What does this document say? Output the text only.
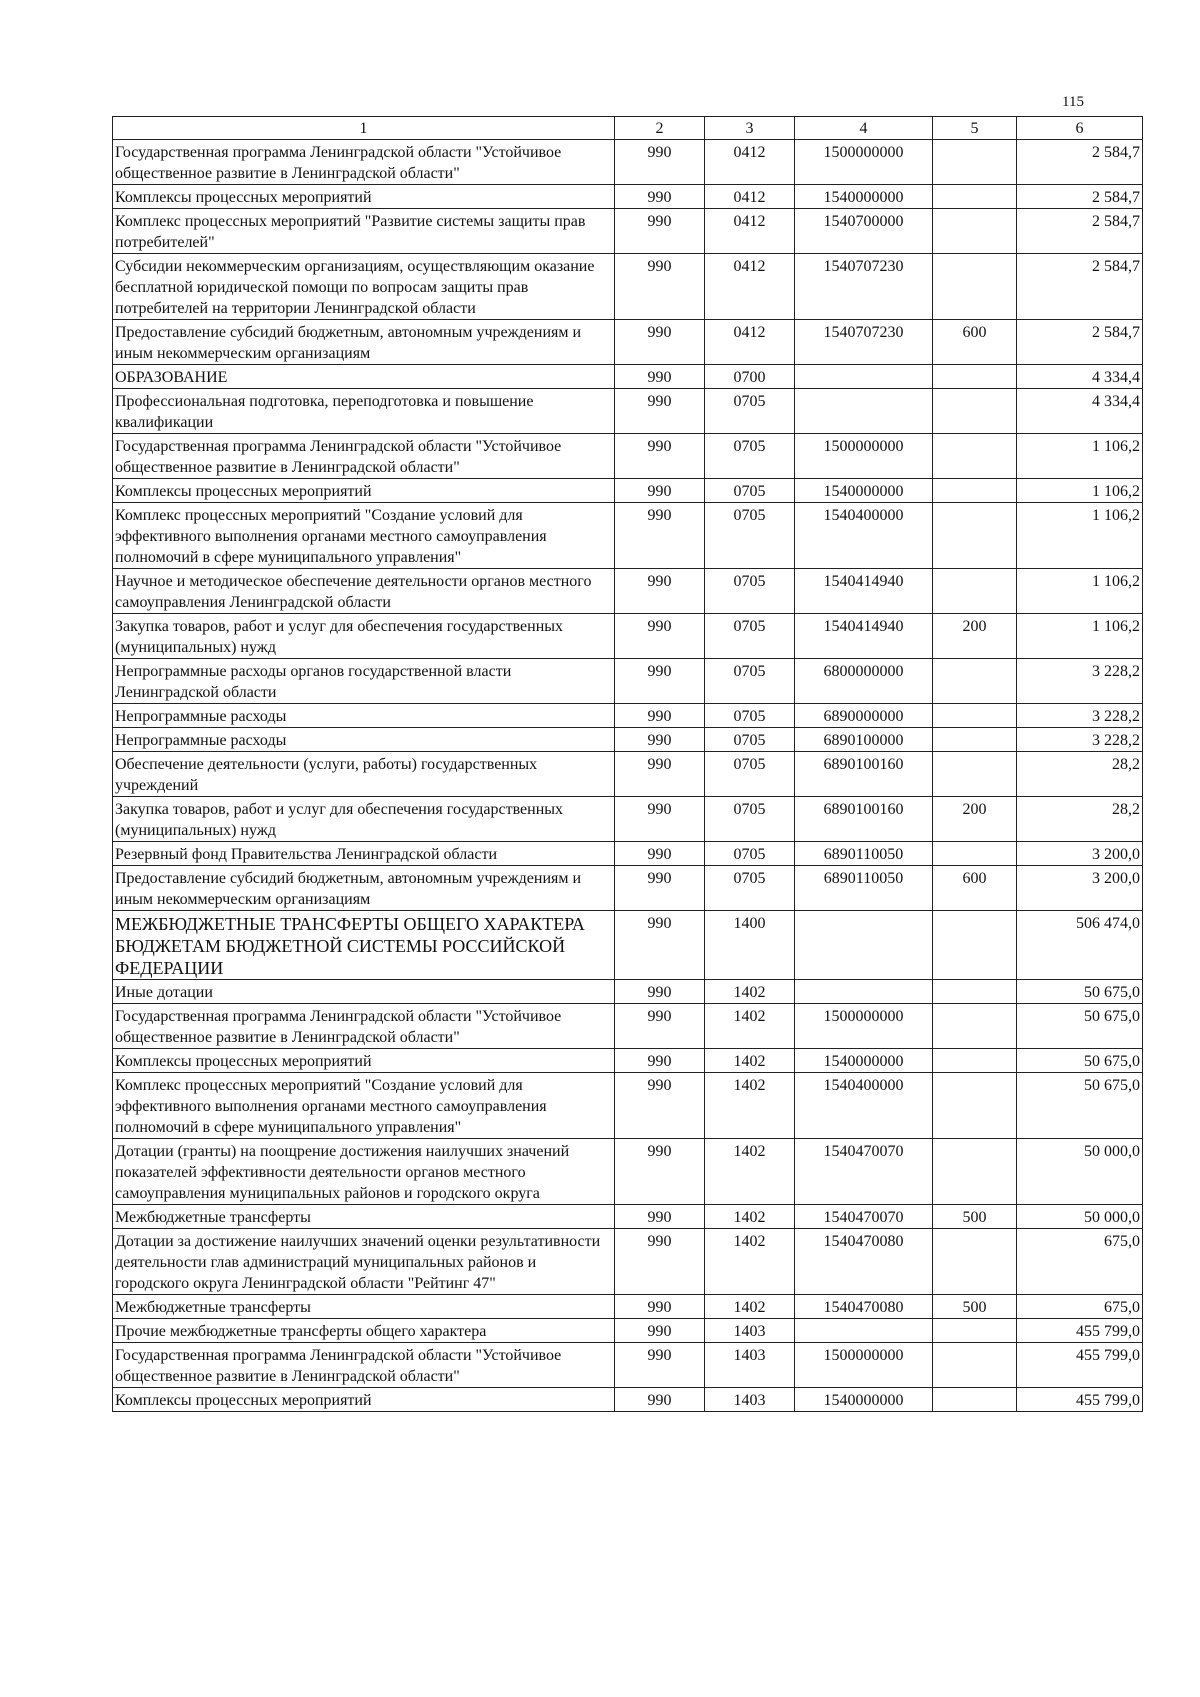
115
1	2	3	4	5	6
Государственная программа Ленинградской области "Устойчивое общественное развитие в Ленинградской области"	990	0412	1500000000		2 584,7
Комплексы процессных мероприятий	990	0412	1540000000		2 584,7
Комплекс процессных мероприятий "Развитие системы защиты прав потребителей"	990	0412	1540700000		2 584,7
Субсидии некоммерческим организациям, осуществляющим оказание бесплатной юридической помощи по вопросам защиты прав потребителей на территории Ленинградской области	990	0412	1540707230		2 584,7
Предоставление субсидий бюджетным, автономным учреждениям и иным некоммерческим организациям	990	0412	1540707230	600	2 584,7
ОБРАЗОВАНИЕ	990	0700			4 334,4
Профессиональная подготовка, переподготовка и повышение квалификации	990	0705			4 334,4
Государственная программа Ленинградской области "Устойчивое общественное развитие в Ленинградской области"	990	0705	1500000000		1 106,2
Комплексы процессных мероприятий	990	0705	1540000000		1 106,2
Комплекс процессных мероприятий "Создание условий для эффективного выполнения органами местного самоуправления полномочий в сфере муниципального управления"	990	0705	1540400000		1 106,2
Научное и методическое обеспечение деятельности органов местного самоуправления Ленинградской области	990	0705	1540414940		1 106,2
Закупка товаров, работ и услуг для обеспечения государственных (муниципальных) нужд	990	0705	1540414940	200	1 106,2
Непрограммные расходы органов государственной власти Ленинградской области	990	0705	6800000000		3 228,2
Непрограммные расходы	990	0705	6890000000		3 228,2
Непрограммные расходы	990	0705	6890100000		3 228,2
Обеспечение деятельности (услуги, работы) государственных учреждений	990	0705	6890100160		28,2
Закупка товаров, работ и услуг для обеспечения государственных (муниципальных) нужд	990	0705	6890100160	200	28,2
Резервный фонд Правительства Ленинградской области	990	0705	6890110050		3 200,0
Предоставление субсидий бюджетным, автономным учреждениям и иным некоммерческим организациям	990	0705	6890110050	600	3 200,0
МЕЖБЮДЖЕТНЫЕ ТРАНСФЕРТЫ ОБЩЕГО ХАРАКТЕРА БЮДЖЕТАМ БЮДЖЕТНОЙ СИСТЕМЫ РОССИЙСКОЙ ФЕДЕРАЦИИ	990	1400			506 474,0
Иные дотации	990	1402			50 675,0
Государственная программа Ленинградской области "Устойчивое общественное развитие в Ленинградской области"	990	1402	1500000000		50 675,0
Комплексы процессных мероприятий	990	1402	1540000000		50 675,0
Комплекс процессных мероприятий "Создание условий для эффективного выполнения органами местного самоуправления полномочий в сфере муниципального управления"	990	1402	1540400000		50 675,0
Дотации (гранты) на поощрение достижения наилучших значений показателей эффективности деятельности органов местного самоуправления муниципальных районов и городского округа	990	1402	1540470070		50 000,0
Межбюджетные трансферты	990	1402	1540470070	500	50 000,0
Дотации за достижение наилучших значений оценки результативности деятельности глав администраций муниципальных районов и городского округа Ленинградской области "Рейтинг 47"	990	1402	1540470080		675,0
Межбюджетные трансферты	990	1402	1540470080	500	675,0
Прочие межбюджетные трансферты общего характера	990	1403			455 799,0
Государственная программа Ленинградской области "Устойчивое общественное развитие в Ленинградской области"	990	1403	1500000000		455 799,0
Комплексы процессных мероприятий	990	1403	1540000000		455 799,0
